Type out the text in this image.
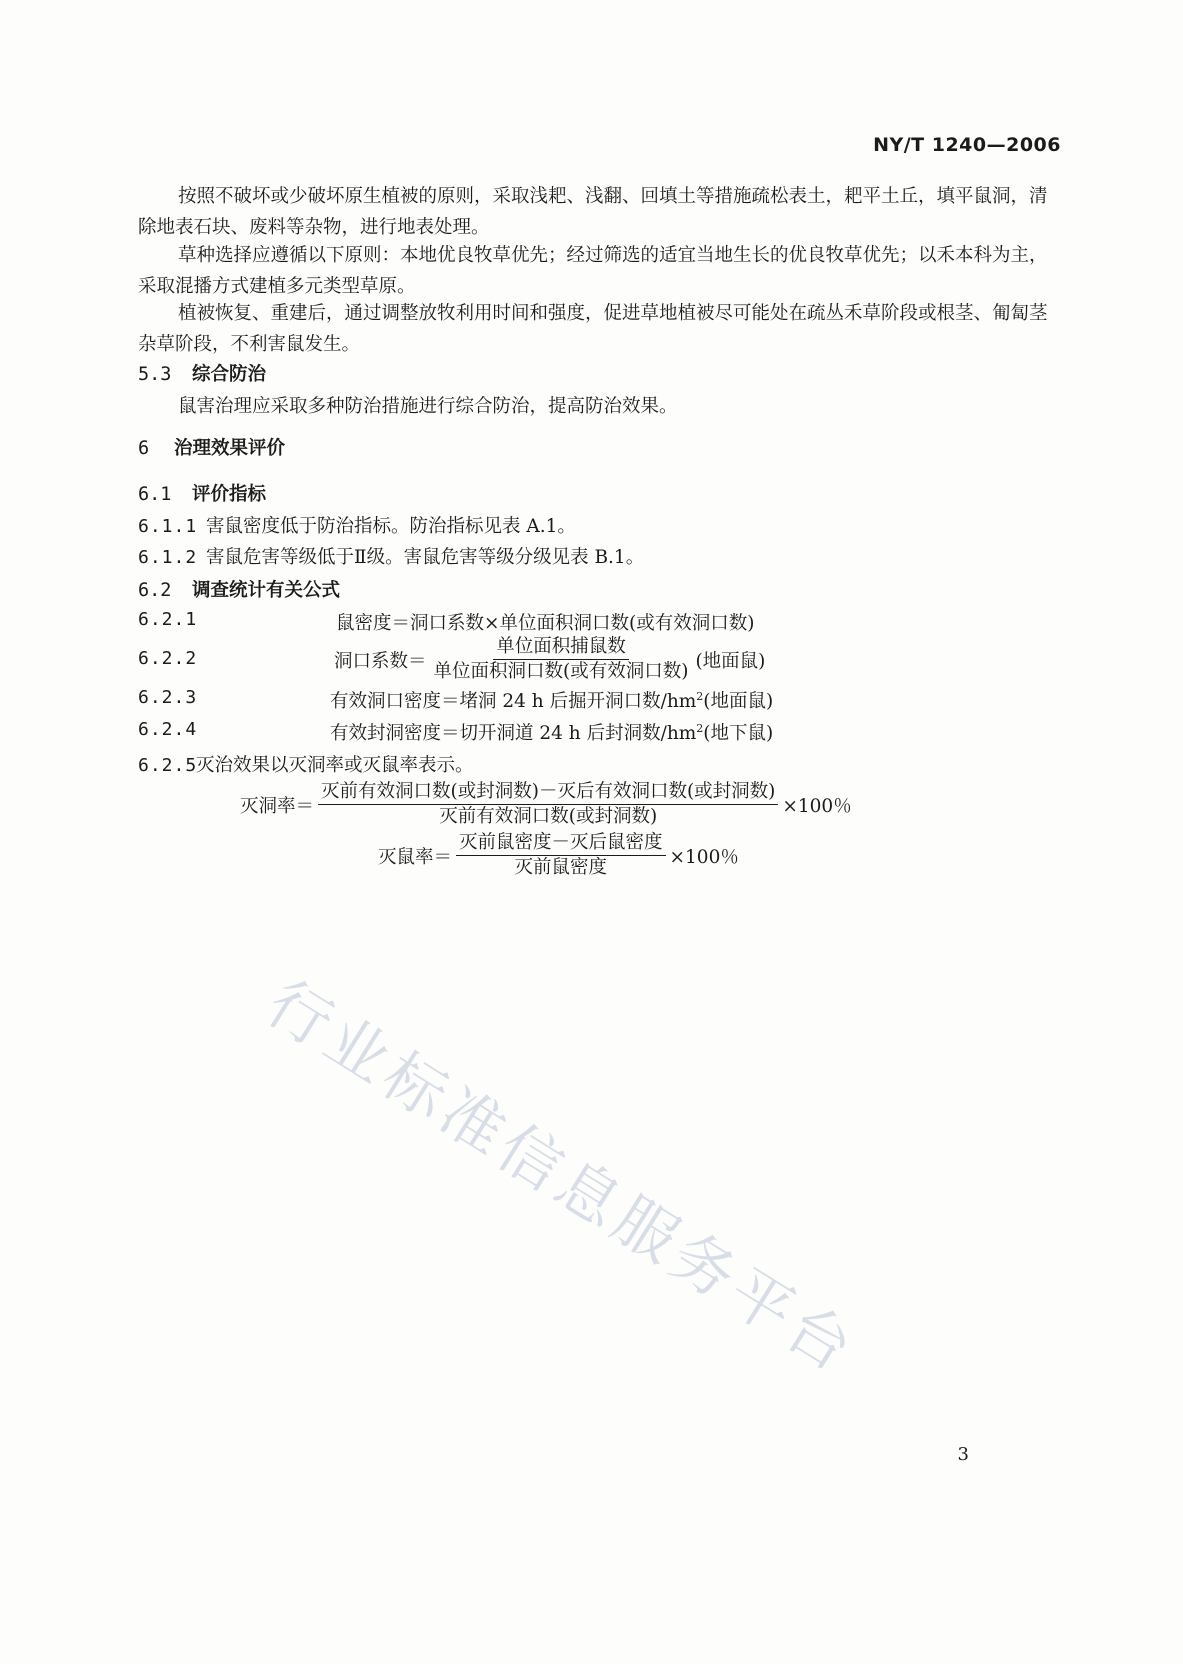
NY/T 1240—2006

按照不破坏或少破坏原生植被的原则，采取浅耙、浅翻、回填土等措施疏松表土，耙平土丘，填平鼠洞，清除地表石块、废料等杂物，进行地表处理。

草种选择应遵循以下原则：本地优良牧草优先；经过筛选的适宜当地生长的优良牧草优先；以禾本科为主，采取混播方式建植多元类型草原。

植被恢复、重建后，通过调整放牧利用时间和强度，促进草地植被尽可能处在疏丛禾草阶段或根茎、匍匐茎杂草阶段，不利害鼠发生。

5.3 综合防治
鼠害治理应采取多种防治措施进行综合防治，提高防治效果。
6 治理效果评价
6.1 评价指标
6.1.1 害鼠密度低于防治指标。防治指标见表 A.1。
6.1.2 害鼠危害等级低于Ⅱ级。害鼠危害等级分级见表 B.1。
6.2 调查统计有关公式
6.2.1	鼠密度＝洞口系数×单位面积洞口数(或有效洞口数)
6.2.2	洞口系数＝
单位面积捕鼠数
单位面积洞口数(或有效洞口数) (地面鼠)
6.2.3	有效洞口密度＝堵洞 24 h 后掘开洞口数$/hm^2$(地面鼠)
6.2.4	有效封洞密度＝切开洞道 24 h 后封洞数$/hm^2$(地下鼠)
6.2.5灭治效果以灭洞率或灭鼠率表示。
灭洞率＝
灭前有效洞口数(或封洞数)－灭后有效洞口数(或封洞数)
灭前有效洞口数(或封洞数)	×100％
灭鼠率＝
灭前鼠密度－灭后鼠密度
灭前鼠密度	×100％
行业标准信息服务平台
3
